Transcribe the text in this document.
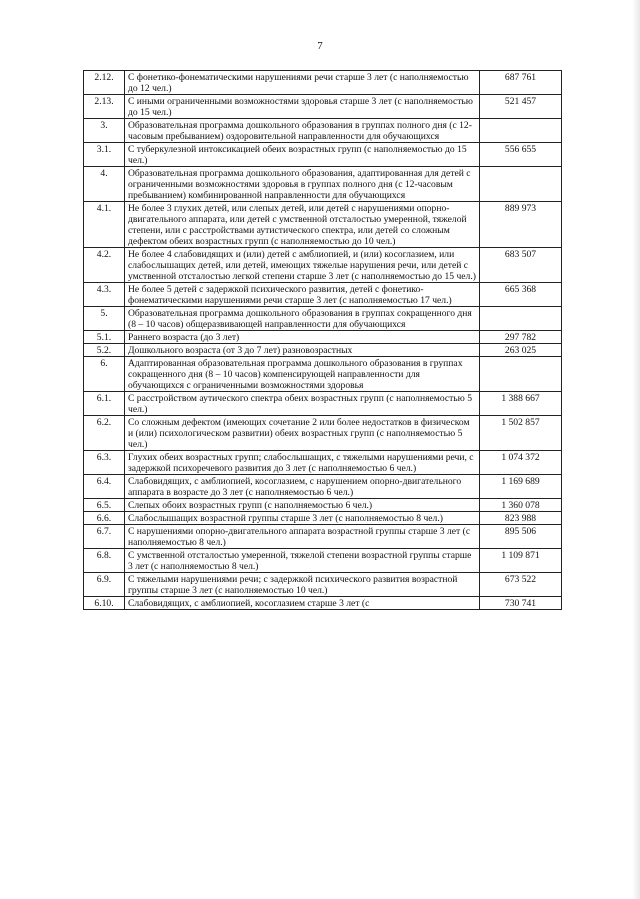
7
2.12.	С фонетико-фонематическими нарушениями речи старше 3 лет (с наполняемостью до 12 чел.)	687 761
2.13.	С иными ограниченными возможностями здоровья старше 3 лет (с наполняемостью до 15 чел.)	521 457
3.	Образовательная программа дошкольного образования в группах полного дня (с 12-часовым пребыванием) оздоровительной направленности для обучающихся	
3.1.	С туберкулезной интоксикацией обеих возрастных групп (с наполняемостью до 15 чел.)	556 655
4.	Образовательная программа дошкольного образования, адаптированная для детей с ограниченными возможностями здоровья в группах полного дня (с 12-часовым пребыванием) комбинированной направленности для обучающихся	
4.1.	Не более 3 глухих детей, или слепых детей, или детей с нарушениями опорно-двигательного аппарата, или детей с умственной отсталостью умеренной, тяжелой степени, или с расстройствами аутистического спектра, или детей со сложным дефектом обеих возрастных групп (с наполняемостью до 10 чел.)	889 973
4.2.	Не более 4 слабовидящих и (или) детей с амблиопией, и (или) косоглазием, или слабослышащих детей, или детей, имеющих тяжелые нарушения речи, или детей с умственной отсталостью легкой степени старше 3 лет (с наполняемостью до 15 чел.)	683 507
4.3.	Не более 5 детей с задержкой психического развития, детей с фонетико-фонематическими нарушениями речи старше 3 лет (с наполняемостью 17 чел.)	665 368
5.	Образовательная программа дошкольного образования в группах сокращенного дня (8 – 10 часов) общеразвивающей направленности для обучающихся	
5.1.	Раннего возраста (до 3 лет)	297 782
5.2.	Дошкольного возраста (от 3 до 7 лет) разновозрастных	263 025
6.	Адаптированная образовательная программа дошкольного образования в группах сокращенного дня (8 – 10 часов) компенсирующей направленности для обучающихся с ограниченными возможностями здоровья	
6.1.	С расстройством аутического спектра обеих возрастных групп (с наполняемостью 5 чел.)	1 388 667
6.2.	Со сложным дефектом (имеющих сочетание 2 или более недостатков в физическом и (или) психологическом развитии) обеих возрастных групп (с наполняемостью 5 чел.)	1 502 857
6.3.	Глухих обеих возрастных групп; слабослышащих, с тяжелыми нарушениями речи, с задержкой психоречевого развития до 3 лет (с наполняемостью 6 чел.)	1 074 372
6.4.	Слабовидящих, с амблиопией, косоглазием, с нарушением опорно-двигательного аппарата в возрасте до 3 лет (с наполняемостью 6 чел.)	1 169 689
6.5.	Слепых обоих возрастных групп (с наполняемостью 6 чел.)	1 360 078
6.6.	Слабослышащих возрастной группы старше 3 лет (с наполняемостью 8 чел.)	823 988
6.7.	С нарушениями опорно-двигательного аппарата возрастной группы старше 3 лет (с наполняемостью 8 чел.)	895 506
6.8.	С умственной отсталостью умеренной, тяжелой степени возрастной группы старше 3 лет (с наполняемостью 8 чел.)	1 109 871
6.9.	С тяжелыми нарушениями речи; с задержкой психического развития возрастной группы старше 3 лет (с наполняемостью 10 чел.)	673 522
6.10.	Слабовидящих, с амблиопией, косоглазием старше 3 лет (с	730 741
